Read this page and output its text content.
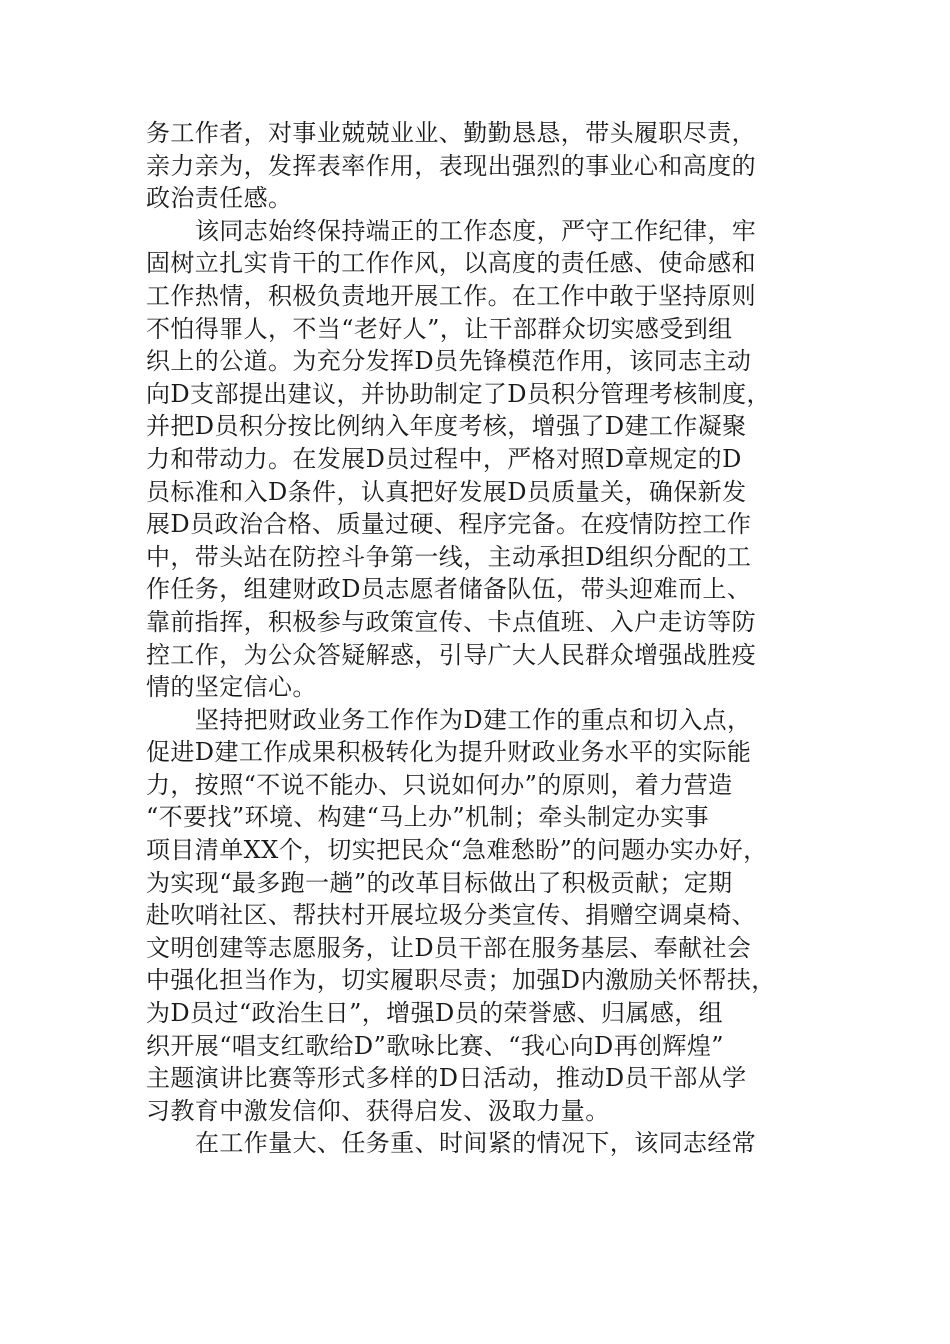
务工作者，对事业兢兢业业、勤勤恳恳，带头履职尽责，
亲力亲为，发挥表率作用，表现出强烈的事业心和高度的
政治责任感。
该同志始终保持端正的工作态度，严守工作纪律，牢
固树立扎实肯干的工作作风，以高度的责任感、使命感和
工作热情，积极负责地开展工作。在工作中敢于坚持原则
不怕得罪人，不当“老好人”，让干部群众切实感受到组
织上的公道。为充分发挥D员先锋模范作用，该同志主动
向D支部提出建议，并协助制定了D员积分管理考核制度，
并把D员积分按比例纳入年度考核，增强了D建工作凝聚
力和带动力。在发展D员过程中，严格对照D章规定的D
员标准和入D条件，认真把好发展D员质量关，确保新发
展D员政治合格、质量过硬、程序完备。在疫情防控工作
中，带头站在防控斗争第一线，主动承担D组织分配的工
作任务，组建财政D员志愿者储备队伍，带头迎难而上、
靠前指挥，积极参与政策宣传、卡点值班、入户走访等防
控工作，为公众答疑解惑，引导广大人民群众增强战胜疫
情的坚定信心。
坚持把财政业务工作作为D建工作的重点和切入点，
促进D建工作成果积极转化为提升财政业务水平的实际能
力，按照“不说不能办、只说如何办”的原则，着力营造
“不要找”环境、构建“马上办”机制；牵头制定办实事
项目清单XX个，切实把民众“急难愁盼”的问题办实办好，
为实现“最多跑一趟”的改革目标做出了积极贡献；定期
赴吹哨社区、帮扶村开展垃圾分类宣传、捐赠空调桌椅、
文明创建等志愿服务，让D员干部在服务基层、奉献社会
中强化担当作为，切实履职尽责；加强D内激励关怀帮扶，
为D员过“政治生日”，增强D员的荣誉感、归属感，组
织开展“唱支红歌给D”歌咏比赛、“我心向D再创辉煌”
主题演讲比赛等形式多样的D日活动，推动D员干部从学
习教育中激发信仰、获得启发、汲取力量。
在工作量大、任务重、时间紧的情况下，该同志经常
